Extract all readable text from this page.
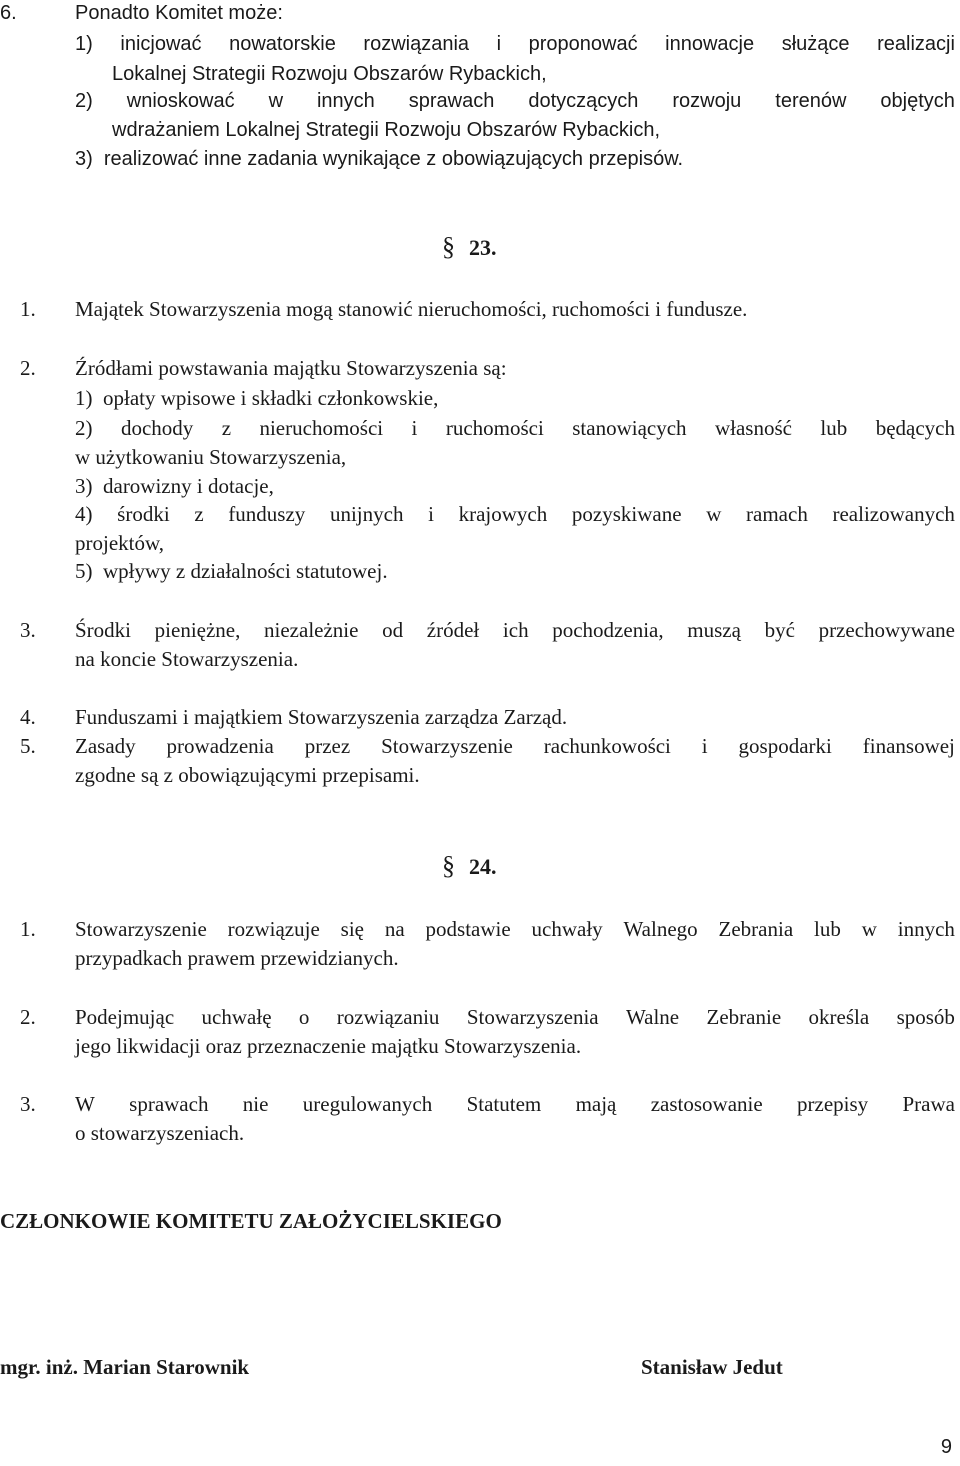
6.	Ponadto Komitet może:
1) inicjować nowatorskie rozwiązania i proponować innowacje służące realizacji
Lokalnej Strategii Rozwoju Obszarów Rybackich,
2) wnioskować w innych sprawach dotyczących rozwoju terenów objętych
wdrażaniem Lokalnej Strategii Rozwoju Obszarów Rybackich,
3)  realizować inne zadania wynikające z obowiązujących przepisów.
§ 23.
1. Majątek Stowarzyszenia mogą stanowić nieruchomości, ruchomości i fundusze.
2. Źródłami powstawania majątku Stowarzyszenia są:
1)  opłaty wpisowe i składki członkowskie,
2) dochody z nieruchomości i ruchomości stanowiących własność lub będących
w użytkowaniu Stowarzyszenia,
3)  darowizny i dotacje,
4) środki z funduszy unijnych i krajowych pozyskiwane w ramach realizowanych
projektów,
5)  wpływy z działalności statutowej.
3. Środki pieniężne, niezależnie od źródeł ich pochodzenia, muszą być przechowywane
na koncie Stowarzyszenia.
4. Funduszami i majątkiem Stowarzyszenia zarządza Zarząd.
5. Zasady prowadzenia przez Stowarzyszenie rachunkowości i gospodarki finansowej
zgodne są z obowiązującymi przepisami.
§ 24.
1. Stowarzyszenie rozwiązuje się na podstawie uchwały Walnego Zebrania lub w innych
przypadkach prawem przewidzianych.
2. Podejmując uchwałę o rozwiązaniu Stowarzyszenia Walne Zebranie określa sposób
jego likwidacji oraz przeznaczenie majątku Stowarzyszenia.
3. W sprawach nie uregulowanych Statutem mają zastosowanie przepisy Prawa
o stowarzyszeniach.
CZŁONKOWIE KOMITETU ZAŁOŻYCIELSKIEGO
mgr. inż. Marian Starownik	Stanisław Jedut
9
